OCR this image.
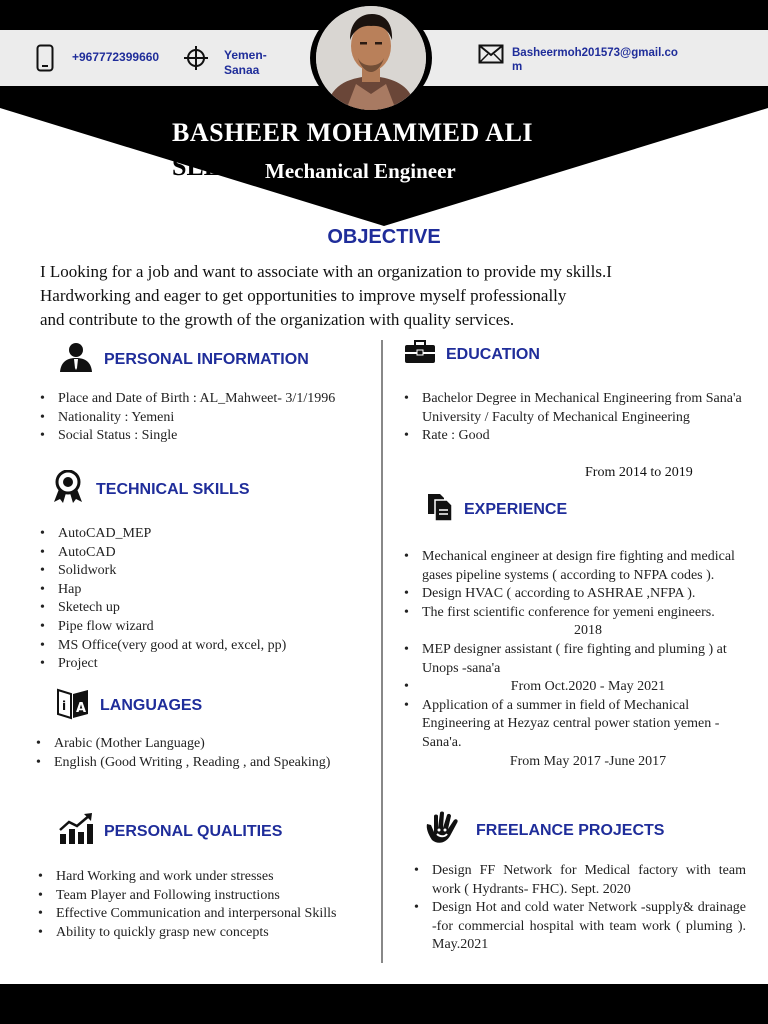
+967772399660	Yemen-
Sanaa
Basheermoh201573@gmail.co
m
BASHEER MOHAMMED ALI
SEEH Mechanical Engineer
OBJECTIVE
I Looking for a job and want to associate with an organization to provide my skills.I
Hardworking and eager to get opportunities to improve myself professionally
and contribute to the growth of the organization with quality services.
PERSONAL INFORMATION
• Place and Date of Birth : AL_Mahweet- 3/1/1996
• Nationality : Yemeni
• Social Status : Single
TECHNICAL SKILLS
• AutoCAD_MEP
• AutoCAD
• Solidwork
• Hap
• Sketech up
• Pipe flow wizard
• MS Office(very good at word, excel, pp)
• Project
i A LANGUAGES
• Arabic (Mother Language)
• English (Good Writing , Reading , and Speaking)
PERSONAL QUALITIES
• Hard Working and work under stresses
• Team Player and Following instructions
• Effective Communication and interpersonal Skills
• Ability to quickly grasp new concepts
EDUCATION
• Bachelor Degree in Mechanical Engineering from Sana'a University / Faculty of Mechanical Engineering
• Rate : Good
From 2014 to 2019
EXPERIENCE
• Mechanical engineer at design fire fighting and medical gases pipeline systems ( according to NFPA codes ).
• Design HVAC ( according to ASHRAE ,NFPA ).
• The first scientific conference for yemeni engineers.
2018
• MEP designer assistant ( fire fighting and pluming ) at Unops -sana'a
• From Oct.2020 - May 2021
• Application of a summer in field of Mechanical Engineering at Hezyaz central power station yemen -Sana'a.
From May 2017 -June 2017
FREELANCE PROJECTS
• Design FF Network for Medical factory with team work ( Hydrants- FHC). Sept. 2020
• Design Hot and cold water Network -supply& drainage -for commercial hospital with team work ( pluming ). May.2021
